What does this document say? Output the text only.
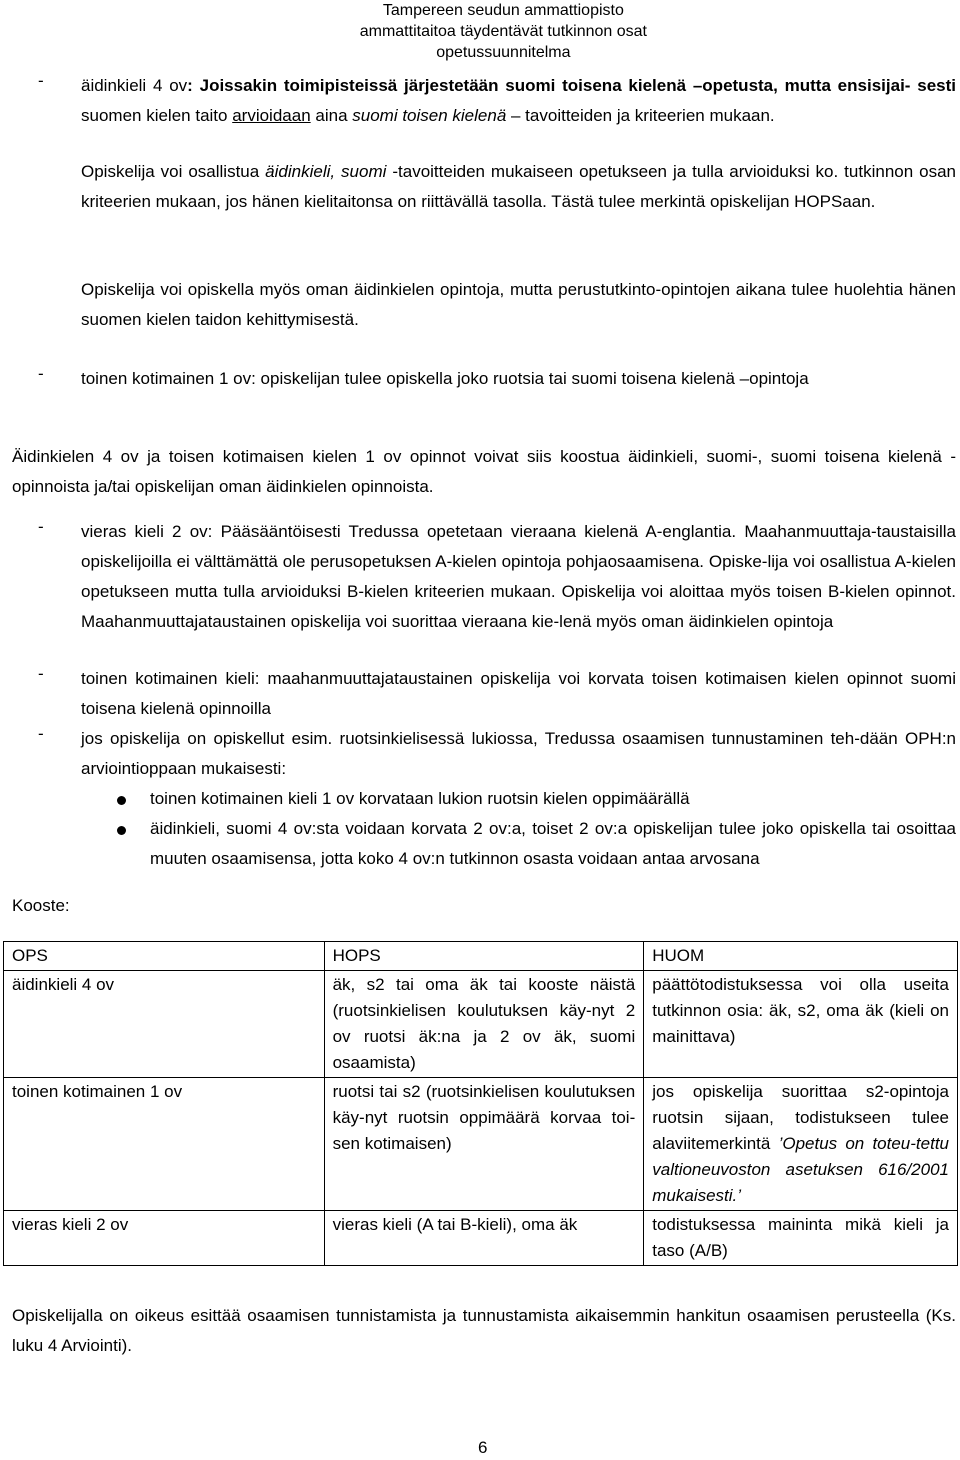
Tampereen seudun ammattiopisto
ammattitaitoa täydentävät tutkinnon osat
opetussuunnitelma
- äidinkieli 4 ov: Joissakin toimipisteissä järjestetään suomi toisena kielenä –opetusta, mutta ensisijai- sesti suomen kielen taito arvioidaan aina suomi toisen kielenä – tavoitteiden ja kriteerien mukaan.
Opiskelija voi osallistua äidinkieli, suomi -tavoitteiden mukaiseen opetukseen ja tulla arvioiduksi ko. tutkinnon osan kriteerien mukaan, jos hänen kielitaitonsa on riittävällä tasolla. Tästä tulee merkintä opiskelijan HOPSaan.
Opiskelija voi opiskella myös oman äidinkielen opintoja, mutta perustutkinto-opintojen aikana tulee huolehtia hänen suomen kielen taidon kehittymisestä.
- toinen kotimainen 1 ov: opiskelijan tulee opiskella joko ruotsia tai suomi toisena kielenä –opintoja
Äidinkielen 4 ov ja toisen kotimaisen kielen 1 ov opinnot voivat siis koostua äidinkieli, suomi-, suomi toisena kielenä -opinnoista ja/tai opiskelijan oman äidinkielen opinnoista.
- vieras kieli 2 ov: Pääsääntöisesti Tredussa opetetaan vieraana kielenä A-englantia. Maahanmuuttaja-taustaisilla opiskelijoilla ei välttämättä ole perusopetuksen A-kielen opintoja pohjaosaamisena. Opiske-lija voi osallistua A-kielen opetukseen mutta tulla arvioiduksi B-kielen kriteerien mukaan. Opiskelija voi aloittaa myös toisen B-kielen opinnot. Maahanmuuttajataustainen opiskelija voi suorittaa vieraana kie-lenä myös oman äidinkielen opintoja
- toinen kotimainen kieli: maahanmuuttajataustainen opiskelija voi korvata toisen kotimaisen kielen opinnot suomi toisena kielenä opinnoilla
- jos opiskelija on opiskellut esim. ruotsinkielisessä lukiossa, Tredussa osaamisen tunnustaminen teh-dään OPH:n arviointioppaan mukaisesti:
toinen kotimainen kieli 1 ov korvataan lukion ruotsin kielen oppimäärällä
äidinkieli, suomi 4 ov:sta voidaan korvata 2 ov:a, toiset 2 ov:a opiskelijan tulee joko opiskella tai osoittaa muuten osaamisensa, jotta koko 4 ov:n tutkinnon osasta voidaan antaa arvosana
Kooste:
OPS	HOPS	HUOM
äidinkieli 4 ov	äk, s2 tai oma äk tai kooste näistä (ruotsinkielisen koulutuksen käy-nyt 2 ov ruotsi äk:na ja 2 ov äk, suomi osaamista)	päättötodistuksessa voi olla useita tutkinnon osia: äk, s2, oma äk (kieli on mainittava)
toinen kotimainen 1 ov	ruotsi tai s2 (ruotsinkielisen koulutuksen käy-nyt ruotsin oppimäärä korvaa toi-sen kotimaisen)	jos opiskelija suorittaa s2-opintoja ruotsin sijaan, todistukseen tulee alaviitemerkintä ’Opetus on toteu-tettu valtioneuvoston asetuksen 616/2001 mukaisesti.’
vieras kieli 2 ov	vieras kieli (A tai B-kieli), oma äk	todistuksessa maininta mikä kieli ja taso (A/B)
Opiskelijalla on oikeus esittää osaamisen tunnistamista ja tunnustamista aikaisemmin hankitun osaamisen perusteella (Ks. luku 4 Arviointi).
6
